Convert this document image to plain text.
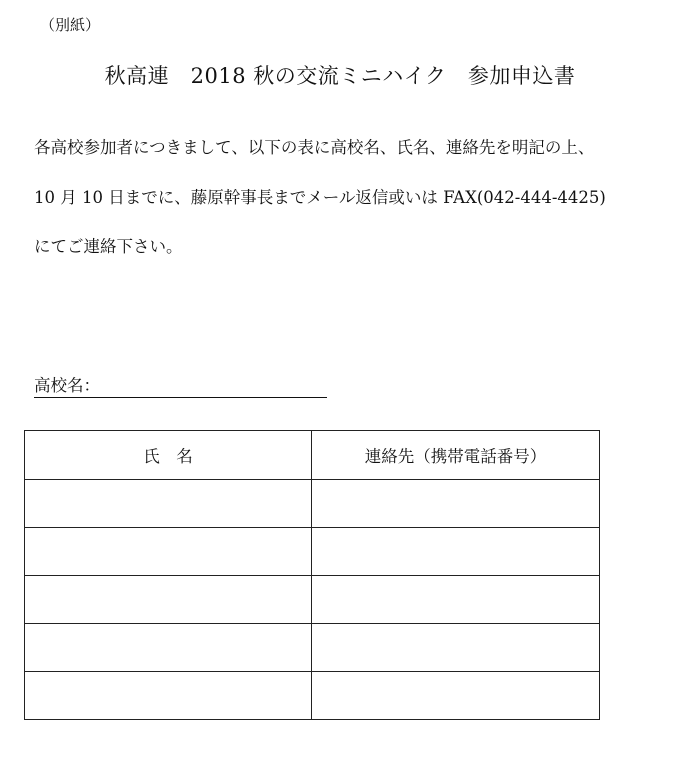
（別紙）
秋高連　2018 秋の交流ミニハイク　参加申込書
各高校参加者につきまして、以下の表に高校名、氏名、連絡先を明記の上、
10 月 10 日までに、藤原幹事長までメール返信或いは FAX(042-444-4425)
にてご連絡下さい。
高校名：
氏　名	連絡先（携帯電話番号）
